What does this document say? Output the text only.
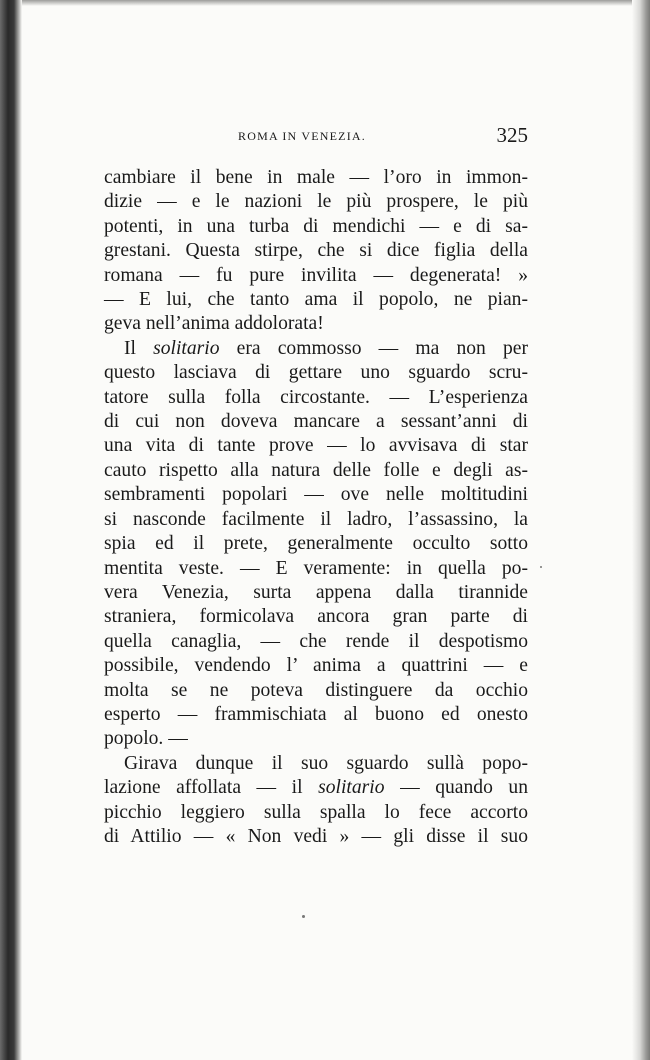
ROMA IN VENEZIA.	325
cambiare il bene in male — l’oro in immon-
dizie — e le nazioni le più prospere, le più
potenti, in una turba di mendichi — e di sa-
grestani. Questa stirpe, che si dice figlia della
romana — fu pure invilita — degenerata! »
— E lui, che tanto ama il popolo, ne pian-
geva nell’anima addolorata!
Il solitario era commosso — ma non per
questo lasciava di gettare uno sguardo scru-
tatore sulla folla circostante. — L’esperienza
di cui non doveva mancare a sessant’anni di
una vita di tante prove — lo avvisava di star
cauto rispetto alla natura delle folle e degli as-
sembramenti popolari — ove nelle moltitudini
si nasconde facilmente il ladro, l’assassino, la
spia ed il prete, generalmente occulto sotto
mentita veste. — E veramente: in quella po-
vera Venezia, surta appena dalla tirannide
straniera, formicolava ancora gran parte di
quella canaglia, — che rende il despotismo
possibile, vendendo l’ anima a quattrini — e
molta se ne poteva distinguere da occhio
esperto — frammischiata al buono ed onesto
popolo. —
Girava dunque il suo sguardo sullà popo-
lazione affollata — il solitario — quando un
picchio leggiero sulla spalla lo fece accorto
di Attilio — « Non vedi » — gli disse il suo
